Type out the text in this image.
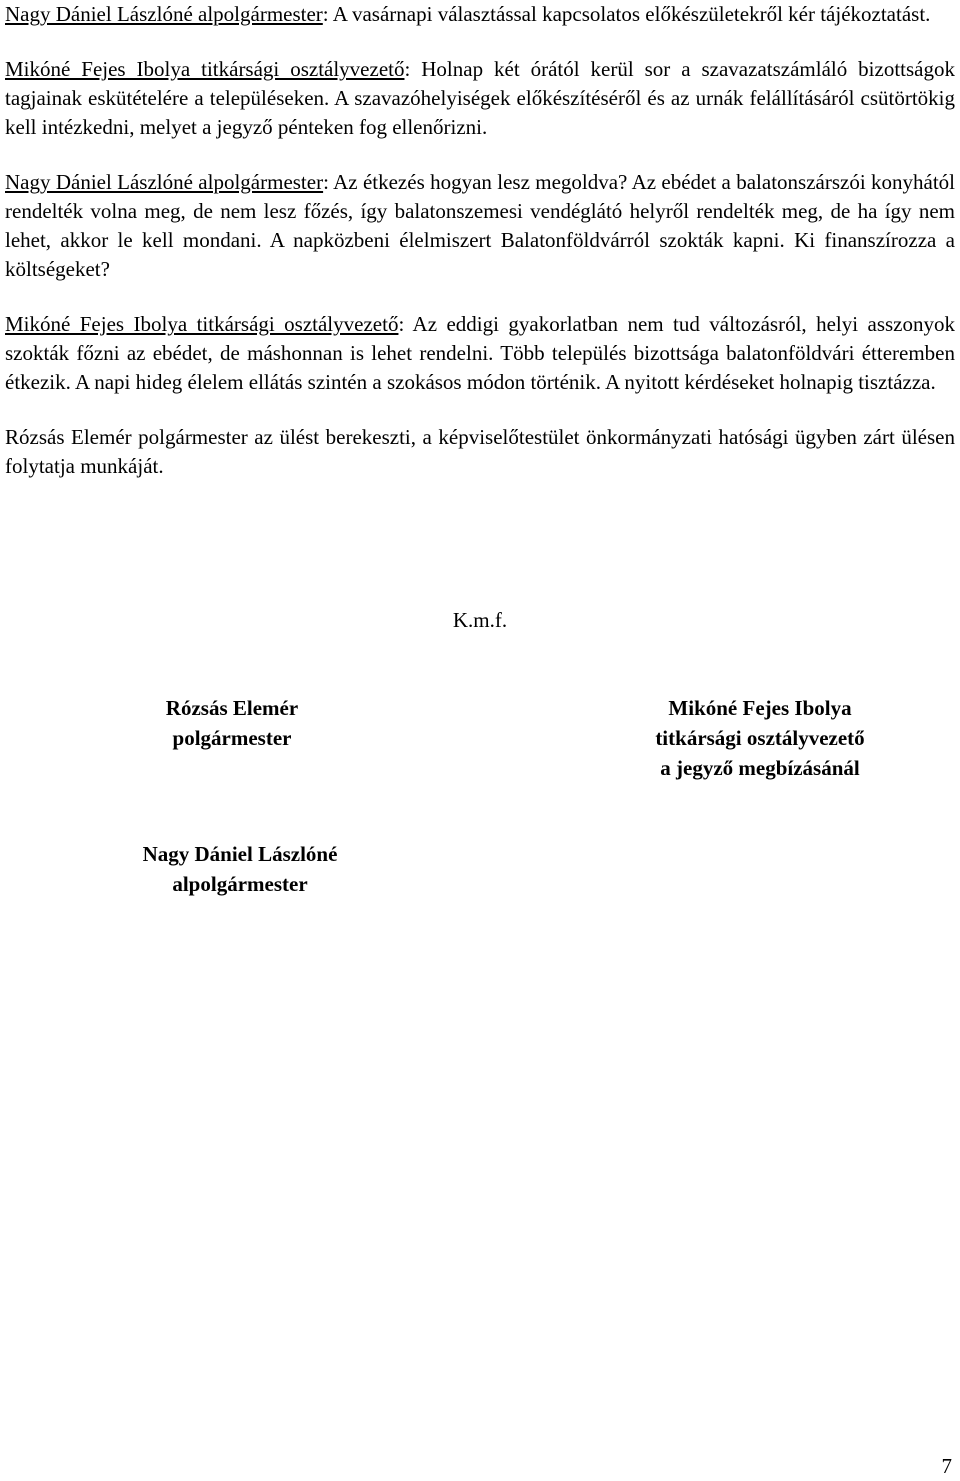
Nagy Dániel Lászlóné alpolgármester: A vasárnapi választással kapcsolatos előkészületekről kér tájékoztatást.

Mikóné Fejes Ibolya titkársági osztályvezető: Holnap két órától kerül sor a szavazatszámláló bizottságok tagjainak eskütételére a településeken. A szavazóhelyiségek előkészítéséről és az urnák felállításáról csütörtökig kell intézkedni, melyet a jegyző pénteken fog ellenőrizni.

Nagy Dániel Lászlóné alpolgármester: Az étkezés hogyan lesz megoldva? Az ebédet a balatonszárszói konyhától rendelték volna meg, de nem lesz főzés, így balatonszemesi vendéglátó helyről rendelték meg, de ha így nem lehet, akkor le kell mondani. A napközbeni élelmiszert Balatonföldvárról szokták kapni. Ki finanszírozza a költségeket?

Mikóné Fejes Ibolya titkársági osztályvezető: Az eddigi gyakorlatban nem tud változásról, helyi asszonyok szokták főzni az ebédet, de máshonnan is lehet rendelni. Több település bizottsága balatonföldvári étteremben étkezik. A napi hideg élelem ellátás szintén a szokásos módon történik. A nyitott kérdéseket holnapig tisztázza.

Rózsás Elemér polgármester az ülést berekeszti, a képviselőtestület önkormányzati hatósági ügyben zárt ülésen folytatja munkáját.

K.m.f.
Rózsás Elemér
polgármester
Mikóné Fejes Ibolya
titkársági osztályvezető
a jegyző megbízásánál
Nagy Dániel Lászlóné
alpolgármester
7
